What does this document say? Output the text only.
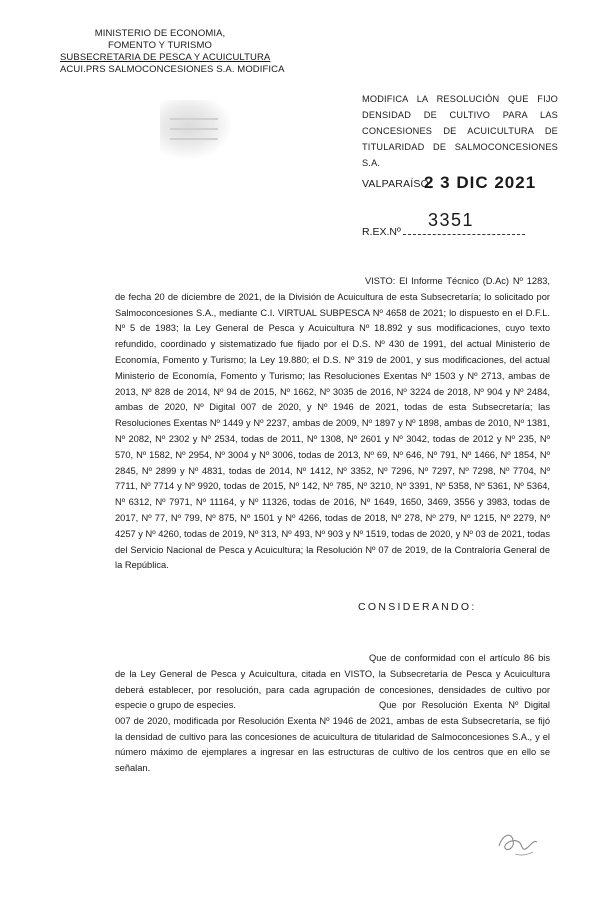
MINISTERIO DE ECONOMIA,
FOMENTO Y TURISMO
SUBSECRETARIA DE PESCA Y ACUICULTURA
ACUI.PRS SALMOCONCESIONES S.A. MODIFICA
MODIFICA LA RESOLUCIÓN QUE FIJO DENSIDAD DE CULTIVO PARA LAS CONCESIONES DE ACUICULTURA DE TITULARIDAD DE SALMOCONCESIONES S.A.
VALPARAÍSO,
2 3 DIC 2021
3351
R.EX.Nº
VISTO: El Informe Técnico (D.Ac) Nº 1283, de fecha 20 de diciembre de 2021, de la División de Acuicultura de esta Subsecretaría; lo solicitado por Salmoconcesiones S.A., mediante C.I. VIRTUAL SUBPESCA Nº 4658 de 2021; lo dispuesto en el D.F.L. Nº 5 de 1983; la Ley General de Pesca y Acuicultura Nº 18.892 y sus modificaciones, cuyo texto refundido, coordinado y sistematizado fue fijado por el D.S. Nº 430 de 1991, del actual Ministerio de Economía, Fomento y Turismo; la Ley 19.880; el D.S. Nº 319 de 2001, y sus modificaciones, del actual Ministerio de Economía, Fomento y Turismo; las Resoluciones Exentas Nº 1503 y Nº 2713, ambas de 2013, Nº 828 de 2014, Nº 94 de 2015, Nº 1662, Nº 3035 de 2016, Nº 3224 de 2018, Nº 904 y Nº 2484, ambas de 2020, Nº Digital 007 de 2020, y Nº 1946 de 2021, todas de esta Subsecretaría; las Resoluciones Exentas Nº 1449 y Nº 2237, ambas de 2009, Nº 1897 y Nº 1898, ambas de 2010, Nº 1381, Nº 2082, Nº 2302 y Nº 2534, todas de 2011, Nº 1308, Nº 2601 y Nº 3042, todas de 2012 y Nº 235, Nº 570, Nº 1582, Nº 2954, Nº 3004 y Nº 3006, todas de 2013, Nº 69, Nº 646, Nº 791, Nº 1466, Nº 1854, Nº 2845, Nº 2899 y Nº 4831, todas de 2014, Nº 1412, Nº 3352, Nº 7296, Nº 7297, Nº 7298, Nº 7704, Nº 7711, Nº 7714 y Nº 9920, todas de 2015, Nº 142, Nº 785, Nº 3210, Nº 3391, Nº 5358, Nº 5361, Nº 5364, Nº 6312, Nº 7971, Nº 11164, y Nº 11326, todas de 2016, Nº 1649, 1650, 3469, 3556 y 3983, todas de 2017, Nº 77, Nº 799, Nº 875, Nº 1501 y Nº 4266, todas de 2018, Nº 278, Nº 279, Nº 1215, Nº 2279, Nº 4257 y Nº 4260, todas de 2019, Nº 313, Nº 493, Nº 903 y Nº 1519, todas de 2020, y Nº 03 de 2021, todas del Servicio Nacional de Pesca y Acuicultura; la Resolución Nº 07 de 2019, de la Contraloría General de la República.
CONSIDERANDO:
Que de conformidad con el artículo 86 bis de la Ley General de Pesca y Acuicultura, citada en VISTO, la Subsecretaría de Pesca y Acuicultura deberá establecer, por resolución, para cada agrupación de concesiones, densidades de cultivo por especie o grupo de especies.	Que por Resolución Exenta Nº Digital 007 de 2020, modificada por Resolución Exenta Nº 1946 de 2021, ambas de esta Subsecretaría, se fijó la densidad de cultivo para las concesiones de acuicultura de titularidad de Salmoconcesiones S.A., y el número máximo de ejemplares a ingresar en las estructuras de cultivo de los centros que en ello se señalan.
